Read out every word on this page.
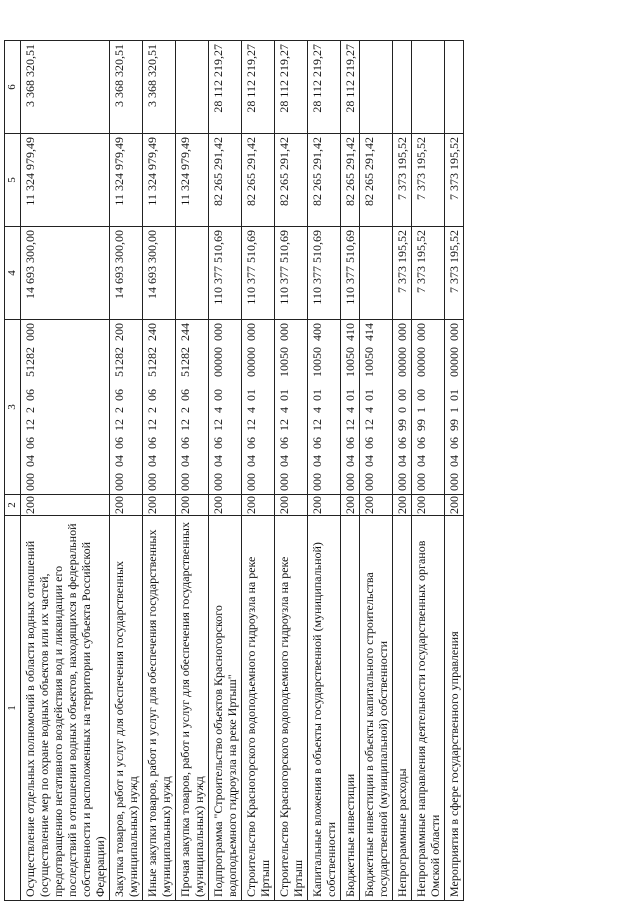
1	2	3	4	5	6
Осуществление отдельных полномочий в области водных отношений (осуществление мер по охране водных объектов или их частей, предотвращению негативного воздействия вод и ликвидации его последствий в отношении водных объектов, находящихся в федеральной собственности и расположенных на территории субъекта Российской Федерации)	200	000  04  06  12  2  06    51282  000	14 693 300,00	11 324 979,49	3 368 320,51
Закупка товаров, работ и услуг для обеспечения государственных (муниципальных) нужд	200	000  04  06  12  2  06    51282  200	14 693 300,00	11 324 979,49	3 368 320,51
Иные закупки товаров, работ и услуг для обеспечения государственных (муниципальных) нужд	200	000  04  06  12  2  06    51282  240	14 693 300,00	11 324 979,49	3 368 320,51
Прочая закупка товаров, работ и услуг для обеспечения государственных (муниципальных) нужд	200	000  04  06  12  2  06    51282  244		11 324 979,49	
Подпрограмма "Строительство объектов Красногорского водоподъемного гидроузла на реке Иртыш"	200	000  04  06  12  4  00    00000  000	110 377 510,69	82 265 291,42	28 112 219,27
Строительство Красногорского водоподъемного гидроузла на реке Иртыш	200	000  04  06  12  4  01    00000  000	110 377 510,69	82 265 291,42	28 112 219,27
Строительство Красногорского водоподъемного гидроузла на реке Иртыш	200	000  04  06  12  4  01    10050  000	110 377 510,69	82 265 291,42	28 112 219,27
Капитальные вложения в объекты государственной (муниципальной) собственности	200	000  04  06  12  4  01    10050  400	110 377 510,69	82 265 291,42	28 112 219,27
Бюджетные инвестиции	200	000  04  06  12  4  01    10050  410	110 377 510,69	82 265 291,42	28 112 219,27
Бюджетные инвестиции в объекты капитального строительства государственной (муниципальной) собственности	200	000  04  06  12  4  01    10050  414		82 265 291,42	
Непрограммные расходы	200	000  04  06  99  0  00    00000  000	7 373 195,52	7 373 195,52	
Непрограммные направления деятельности государственных органов Омской области	200	000  04  06  99  1  00    00000  000	7 373 195,52	7 373 195,52	
Мероприятия в сфере государственного управления	200	000  04  06  99  1  01    00000  000	7 373 195,52	7 373 195,52	
